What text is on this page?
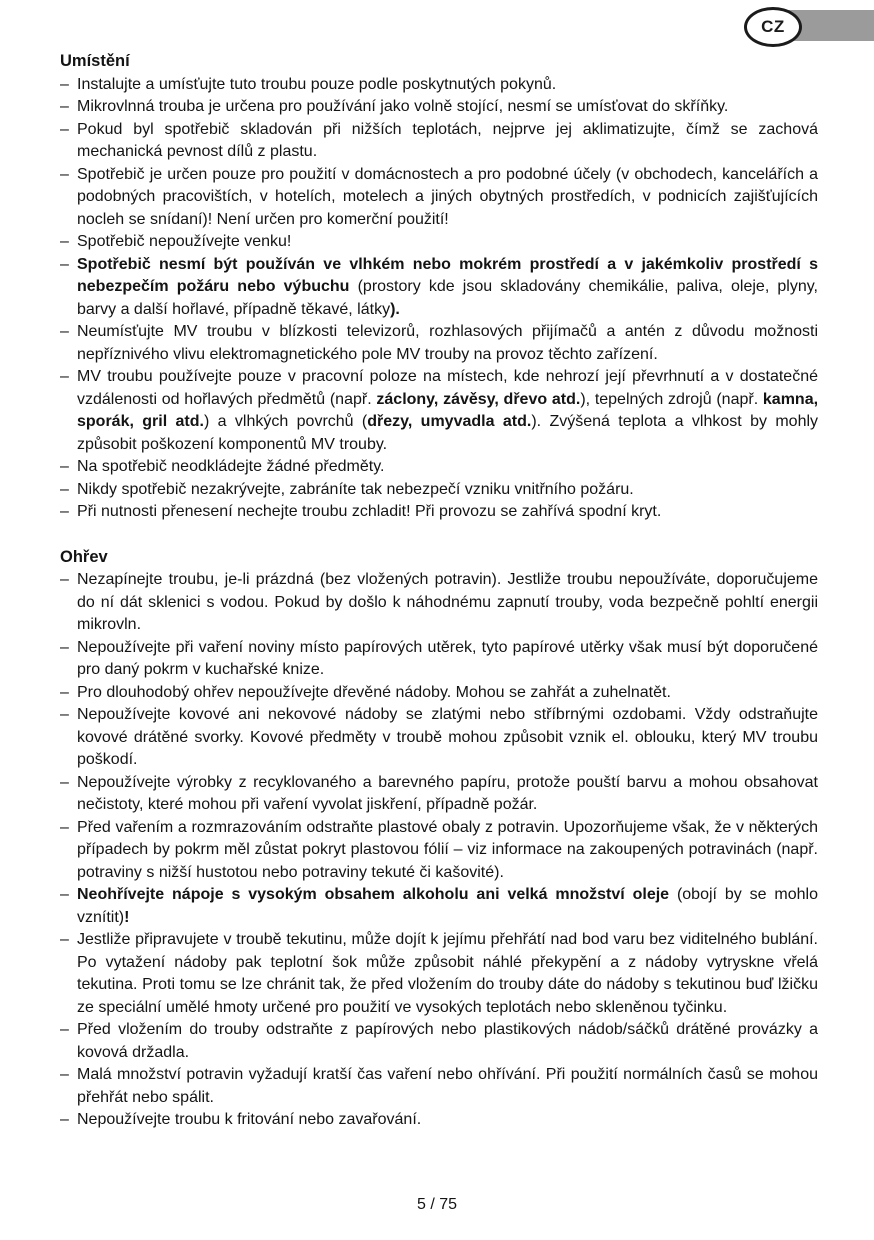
CZ
Umístění
– Instalujte a umísťujte tuto troubu pouze podle poskytnutých pokynů.
– Mikrovlnná trouba je určena pro používání jako volně stojící, nesmí se umísťovat do skříňky.
– Pokud byl spotřebič skladován při nižších teplotách, nejprve jej aklimatizujte, čímž se zachová mechanická pevnost dílů z plastu.
– Spotřebič je určen pouze pro použití v domácnostech a pro podobné účely (v obchodech, kancelářích a podobných pracovištích, v hotelích, motelech a jiných obytných prostředích, v podnicích zajišťujících nocleh se snídaní)! Není určen pro komerční použití!
– Spotřebič nepoužívejte venku!
– Spotřebič nesmí být používán ve vlhkém nebo mokrém prostředí a v jakémkoliv prostředí s nebezpečím požáru nebo výbuchu (prostory kde jsou skladovány chemikálie, paliva, oleje, plyny, barvy a další hořlavé, případně těkavé, látky).
– Neumísťujte MV troubu v blízkosti televizorů, rozhlasových přijímačů a antén z důvodu možnosti nepříznivého vlivu elektromagnetického pole MV trouby na provoz těchto zařízení.
– MV troubu používejte pouze v pracovní poloze na místech, kde nehrozí její převrhnutí a v dostatečné vzdálenosti od hořlavých předmětů (např. záclony, závěsy, dřevo atd.), tepelných zdrojů (např. kamna, sporák, gril atd.) a vlhkých povrchů (dřezy, umyvadla atd.). Zvýšená teplota a vlhkost by mohly způsobit poškození komponentů MV trouby.
– Na spotřebič neodkládejte žádné předměty.
– Nikdy spotřebič nezakrývejte, zabráníte tak nebezpečí vzniku vnitřního požáru.
– Při nutnosti přenesení nechejte troubu zchladit! Při provozu se zahřívá spodní kryt.
Ohřev
– Nezapínejte troubu, je-li prázdná (bez vložených potravin). Jestliže troubu nepoužíváte, doporučujeme do ní dát sklenici s vodou. Pokud by došlo k náhodnému zapnutí trouby, voda bezpečně pohltí energii mikrovln.
– Nepoužívejte při vaření noviny místo papírových utěrek, tyto papírové utěrky však musí být doporučené pro daný pokrm v kuchařské knize.
– Pro dlouhodobý ohřev nepoužívejte dřevěné nádoby. Mohou se zahřát a zuhelnatět.
– Nepoužívejte kovové ani nekovové nádoby se zlatými nebo stříbrnými ozdobami. Vždy odstraňujte kovové drátěné svorky. Kovové předměty v troubě mohou způsobit vznik el. oblouku, který MV troubu poškodí.
– Nepoužívejte výrobky z recyklovaného a barevného papíru, protože pouští barvu a mohou obsahovat nečistoty, které mohou při vaření vyvolat jiskření, případně požár.
– Před vařením a rozmrazováním odstraňte plastové obaly z potravin. Upozorňujeme však, že v některých případech by pokrm měl zůstat pokryt plastovou fólií – viz informace na zakoupených potravinách (např. potraviny s nižší hustotou nebo potraviny tekuté či kašovité).
– Neohřívejte nápoje s vysokým obsahem alkoholu ani velká množství oleje (obojí by se mohlo vznítit)!
– Jestliže připravujete v troubě tekutinu, může dojít k jejímu přehřátí nad bod varu bez viditelného bublání. Po vytažení nádoby pak teplotní šok může způsobit náhlé překypění a z nádoby vytryskne vřelá tekutina. Proti tomu se lze chránit tak, že před vložením do trouby dáte do nádoby s tekutinou buď lžičku ze speciální umělé hmoty určené pro použití ve vysokých teplotách nebo skleněnou tyčinku.
– Před vložením do trouby odstraňte z papírových nebo plastikových nádob/sáčků drátěné provázky a kovová držadla.
– Malá množství potravin vyžadují kratší čas vaření nebo ohřívání. Při použití normálních časů se mohou přehřát nebo spálit.
– Nepoužívejte troubu k fritování nebo zavařování.
5 / 75
